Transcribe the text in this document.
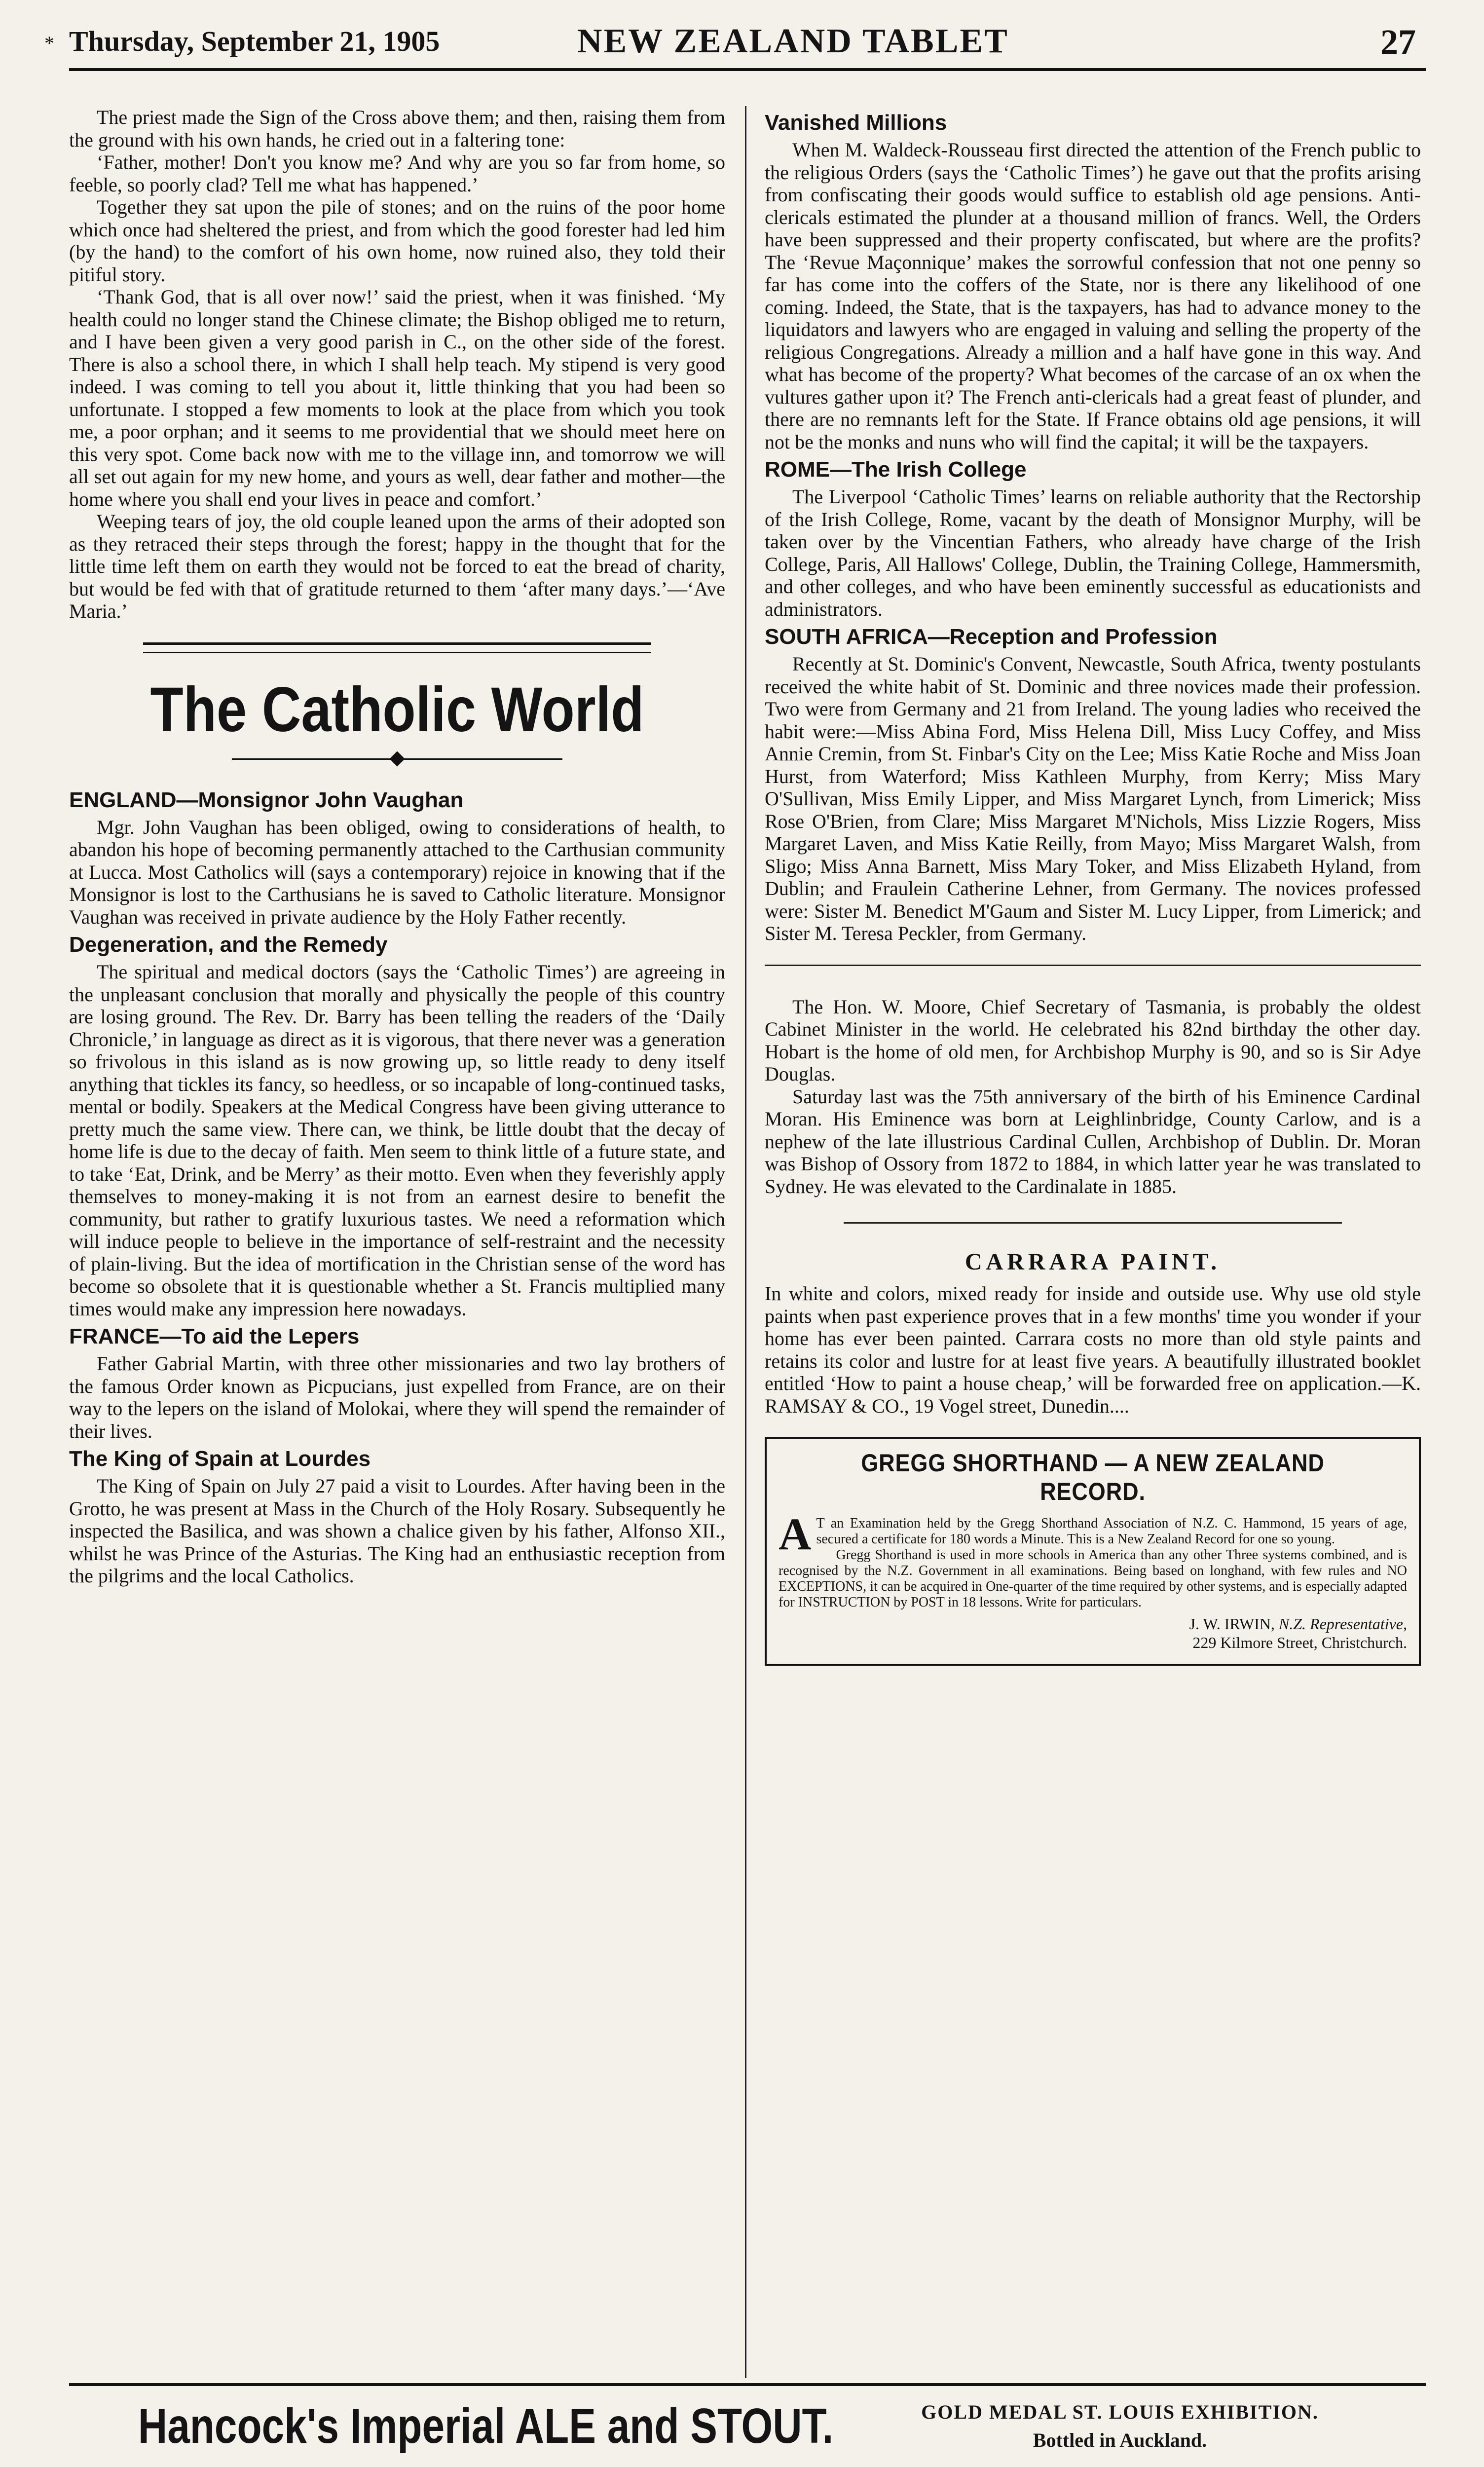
* Thursday, September 21, 1905	NEW ZEALAND TABLET	27

The priest made the Sign of the Cross above them; and then, raising them from the ground with his own hands, he cried out in a faltering tone:

‘Father, mother! Don't you know me? And why are you so far from home, so feeble, so poorly clad? Tell me what has happened.’

Together they sat upon the pile of stones; and on the ruins of the poor home which once had sheltered the priest, and from which the good forester had led him (by the hand) to the comfort of his own home, now ruined also, they told their pitiful story.

‘Thank God, that is all over now!’ said the priest, when it was finished. ‘My health could no longer stand the Chinese climate; the Bishop obliged me to return, and I have been given a very good parish in C., on the other side of the forest. There is also a school there, in which I shall help teach. My stipend is very good indeed. I was coming to tell you about it, little thinking that you had been so unfortunate. I stopped a few moments to look at the place from which you took me, a poor orphan; and it seems to me providential that we should meet here on this very spot. Come back now with me to the village inn, and tomorrow we will all set out again for my new home, and yours as well, dear father and mother—the home where you shall end your lives in peace and comfort.’

Weeping tears of joy, the old couple leaned upon the arms of their adopted son as they retraced their steps through the forest; happy in the thought that for the little time left them on earth they would not be forced to eat the bread of charity, but would be fed with that of gratitude returned to them ‘after many days.’—‘Ave Maria.’

The Catholic World
ENGLAND—Monsignor John Vaughan

Mgr. John Vaughan has been obliged, owing to considerations of health, to abandon his hope of becoming permanently attached to the Carthusian community at Lucca. Most Catholics will (says a contemporary) rejoice in knowing that if the Monsignor is lost to the Carthusians he is saved to Catholic literature. Monsignor Vaughan was received in private audience by the Holy Father recently.

Degeneration, and the Remedy

The spiritual and medical doctors (says the ‘Catholic Times’) are agreeing in the unpleasant conclusion that morally and physically the people of this country are losing ground. The Rev. Dr. Barry has been telling the readers of the ‘Daily Chronicle,’ in language as direct as it is vigorous, that there never was a generation so frivolous in this island as is now growing up, so little ready to deny itself anything that tickles its fancy, so heedless, or so incapable of long-continued tasks, mental or bodily. Speakers at the Medical Congress have been giving utterance to pretty much the same view. There can, we think, be little doubt that the decay of home life is due to the decay of faith. Men seem to think little of a future state, and to take ‘Eat, Drink, and be Merry’ as their motto. Even when they feverishly apply themselves to money-making it is not from an earnest desire to benefit the community, but rather to gratify luxurious tastes. We need a reformation which will induce people to believe in the importance of self-restraint and the necessity of plain-living. But the idea of mortification in the Christian sense of the word has become so obsolete that it is questionable whether a St. Francis multiplied many times would make any impression here nowadays.

FRANCE—To aid the Lepers

Father Gabrial Martin, with three other missionaries and two lay brothers of the famous Order known as Picpucians, just expelled from France, are on their way to the lepers on the island of Molokai, where they will spend the remainder of their lives.

The King of Spain at Lourdes

The King of Spain on July 27 paid a visit to Lourdes. After having been in the Grotto, he was present at Mass in the Church of the Holy Rosary. Subsequently he inspected the Basilica, and was shown a chalice given by his father, Alfonso XII., whilst he was Prince of the Asturias. The King had an enthusiastic reception from the pilgrims and the local Catholics.

Vanished Millions

When M. Waldeck-Rousseau first directed the attention of the French public to the religious Orders (says the ‘Catholic Times’) he gave out that the profits arising from confiscating their goods would suffice to establish old age pensions. Anti-clericals estimated the plunder at a thousand million of francs. Well, the Orders have been suppressed and their property confiscated, but where are the profits? The ‘Revue Maçonnique’ makes the sorrowful confession that not one penny so far has come into the coffers of the State, nor is there any likelihood of one coming. Indeed, the State, that is the taxpayers, has had to advance money to the liquidators and lawyers who are engaged in valuing and selling the property of the religious Congregations. Already a million and a half have gone in this way. And what has become of the property? What becomes of the carcase of an ox when the vultures gather upon it? The French anti-clericals had a great feast of plunder, and there are no remnants left for the State. If France obtains old age pensions, it will not be the monks and nuns who will find the capital; it will be the taxpayers.

ROME—The Irish College

The Liverpool ‘Catholic Times’ learns on reliable authority that the Rectorship of the Irish College, Rome, vacant by the death of Monsignor Murphy, will be taken over by the Vincentian Fathers, who already have charge of the Irish College, Paris, All Hallows' College, Dublin, the Training College, Hammersmith, and other colleges, and who have been eminently successful as educationists and administrators.

SOUTH AFRICA—Reception and Profession

Recently at St. Dominic's Convent, Newcastle, South Africa, twenty postulants received the white habit of St. Dominic and three novices made their profession. Two were from Germany and 21 from Ireland. The young ladies who received the habit were:—Miss Abina Ford, Miss Helena Dill, Miss Lucy Coffey, and Miss Annie Cremin, from St. Finbar's City on the Lee; Miss Katie Roche and Miss Joan Hurst, from Waterford; Miss Kathleen Murphy, from Kerry; Miss Mary O'Sullivan, Miss Emily Lipper, and Miss Margaret Lynch, from Limerick; Miss Rose O'Brien, from Clare; Miss Margaret M'Nichols, Miss Lizzie Rogers, Miss Margaret Laven, and Miss Katie Reilly, from Mayo; Miss Margaret Walsh, from Sligo; Miss Anna Barnett, Miss Mary Toker, and Miss Elizabeth Hyland, from Dublin; and Fraulein Catherine Lehner, from Germany. The novices professed were: Sister M. Benedict M'Gaum and Sister M. Lucy Lipper, from Limerick; and Sister M. Teresa Peckler, from Germany.

The Hon. W. Moore, Chief Secretary of Tasmania, is probably the oldest Cabinet Minister in the world. He celebrated his 82nd birthday the other day. Hobart is the home of old men, for Archbishop Murphy is 90, and so is Sir Adye Douglas.

Saturday last was the 75th anniversary of the birth of his Eminence Cardinal Moran. His Eminence was born at Leighlinbridge, County Carlow, and is a nephew of the late illustrious Cardinal Cullen, Archbishop of Dublin. Dr. Moran was Bishop of Ossory from 1872 to 1884, in which latter year he was translated to Sydney. He was elevated to the Cardinalate in 1885.

CARRARA PAINT.

In white and colors, mixed ready for inside and outside use. Why use old style paints when past experience proves that in a few months' time you wonder if your home has ever been painted. Carrara costs no more than old style paints and retains its color and lustre for at least five years. A beautifully illustrated booklet entitled ‘How to paint a house cheap,’ will be forwarded free on application.—K. RAMSAY & CO., 19 Vogel street, Dunedin....

GREGG SHORTHAND — A NEW ZEALAND RECORD.

A T an Examination held by the Gregg Shorthand Association of N.Z. C. Hammond, 15 years of age, secured a certificate for 180 words a Minute. This is a New Zealand Record for one so young.

Gregg Shorthand is used in more schools in America than any other Three systems combined, and is recognised by the N.Z. Government in all examinations. Being based on longhand, with few rules and NO EXCEPTIONS, it can be acquired in One-quarter of the time required by other systems, and is especially adapted for INSTRUCTION by POST in 18 lessons. Write for particulars.

J. W. IRWIN, N.Z. Representative,
229 Kilmore Street, Christchurch.
Hancock's Imperial ALE and STOUT.	GOLD MEDAL ST. LOUIS EXHIBITION.
Bottled in Auckland.
